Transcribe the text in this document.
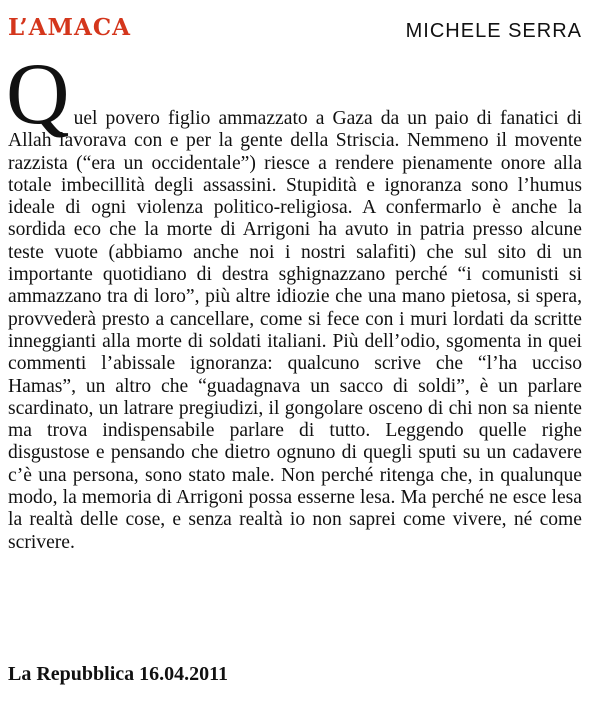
L’AMACA	MICHELE SERRA
Quel povero figlio ammazzato a Gaza da un paio di fanatici di Allah lavorava con e per la gente della Striscia. Nemmeno il movente razzista (“era un occidentale”) riesce a rendere pienamente onore alla totale imbecillità degli assassini. Stupidità e ignoranza sono l’humus ideale di ogni violenza politico-religiosa. A confermarlo è anche la sordida eco che la morte di Arrigoni ha avuto in patria presso alcune teste vuote (abbiamo anche noi i nostri salafiti) che sul sito di un importante quotidiano di destra sghignazzano perché “i comunisti si ammazzano tra di loro”, più altre idiozie che una mano pietosa, si spera, provvederà presto a cancellare, come si fece con i muri lordati da scritte inneggianti alla morte di soldati italiani. Più dell’odio, sgomenta in quei commenti l’abissale ignoranza: qualcuno scrive che “l’ha ucciso Hamas”, un altro che “guadagnava un sacco di soldi”, è un parlare scardinato, un latrare pregiudizi, il gongolare osceno di chi non sa niente ma trova indispensabile parlare di tutto. Leggendo quelle righe disgustose e pensando che dietro ognuno di quegli sputi su un cadavere c’è una persona, sono stato male. Non perché ritenga che, in qualunque modo, la memoria di Arrigoni possa esserne lesa. Ma perché ne esce lesa la realtà delle cose, e senza realtà io non saprei come vivere, né come scrivere.
La Repubblica 16.04.2011
